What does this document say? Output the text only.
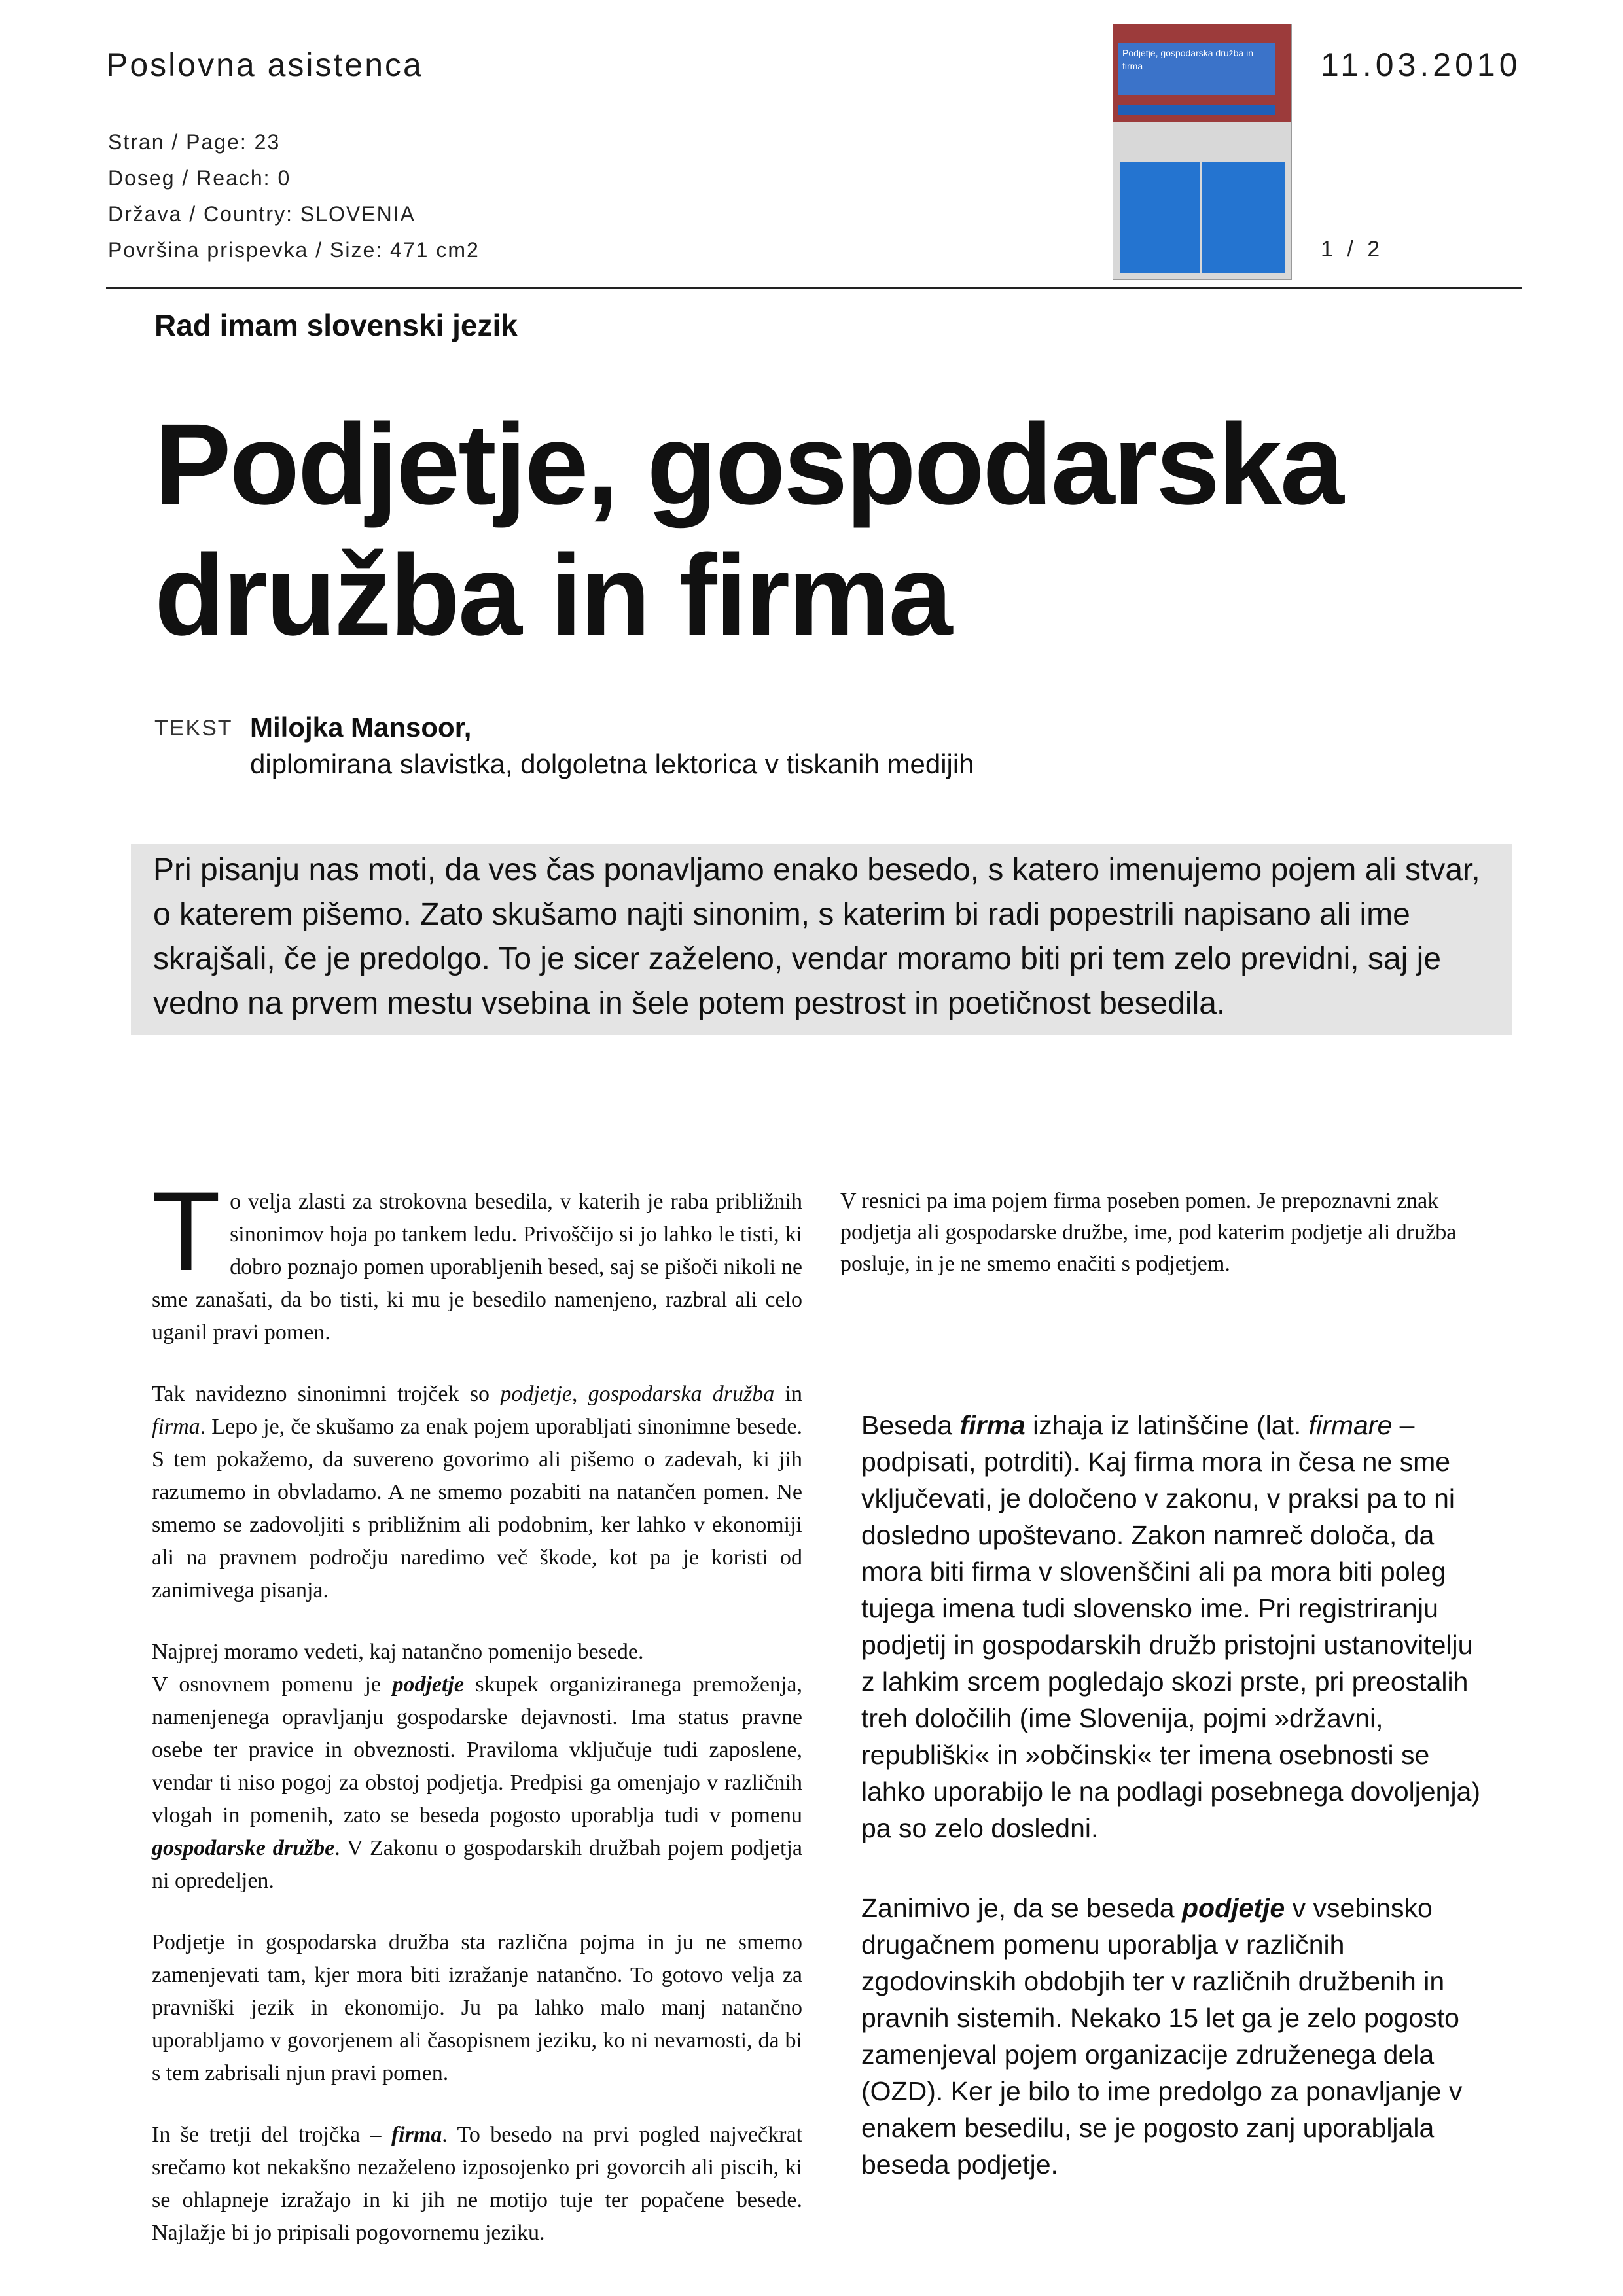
Poslovna asistenca	11.03.2010
Stran / Page: 23
Doseg / Reach: 0
Država / Country: SLOVENIA
Površina prispevka / Size: 471 cm2
Podjetje, gospodarska družba in firma
1 / 2
Rad imam slovenski jezik
Podjetje, gospodarska
družba in firma
TEKST Milojka Mansoor,
diplomirana slavistka, dolgoletna lektorica v tiskanih medijih
Pri pisanju nas moti, da ves čas ponavljamo enako besedo, s katero imenujemo pojem ali stvar, o katerem pišemo. Zato skušamo najti sinonim, s katerim bi radi popestrili napisano ali ime skrajšali, če je predolgo. To je sicer zaželeno, vendar moramo biti pri tem zelo previdni, saj je vedno na prvem mestu vsebina in šele potem pestrost in poetičnost besedila.

To velja zlasti za strokovna besedila, v katerih je raba približnih sinonimov hoja po tankem ledu. Privoščijo si jo lahko le tisti, ki dobro poznajo pomen uporabljenih besed, saj se pišoči nikoli ne sme zanašati, da bo tisti, ki mu je besedilo namenjeno, razbral ali celo uganil pravi pomen.

Tak navidezno sinonimni trojček so podjetje, gospodarska družba in firma. Lepo je, če skušamo za enak pojem uporabljati sinonimne besede. S tem pokažemo, da suvereno govorimo ali pišemo o zadevah, ki jih razumemo in obvladamo. A ne smemo pozabiti na natančen pomen. Ne smemo se zadovoljiti s približnim ali podobnim, ker lahko v ekonomiji ali na pravnem področju naredimo več škode, kot pa je koristi od zanimivega pisanja.

Najprej moramo vedeti, kaj natančno pomenijo besede.
V osnovnem pomenu je podjetje skupek organiziranega premoženja, namenjenega opravljanju gospodarske dejavnosti. Ima status pravne osebe ter pravice in obveznosti. Praviloma vključuje tudi zaposlene, vendar ti niso pogoj za obstoj podjetja. Predpisi ga omenjajo v različnih vlogah in pomenih, zato se beseda pogosto uporablja tudi v pomenu gospodarske družbe. V Zakonu o gospodarskih družbah pojem podjetja ni opredeljen.

Podjetje in gospodarska družba sta različna pojma in ju ne smemo zamenjevati tam, kjer mora biti izražanje natančno. To gotovo velja za pravniški jezik in ekonomijo. Ju pa lahko malo manj natančno uporabljamo v govorjenem ali časopisnem jeziku, ko ni nevarnosti, da bi s tem zabrisali njun pravi pomen.

In še tretji del trojčka – firma. To besedo na prvi pogled največkrat srečamo kot nekakšno nezaželeno izposojenko pri govorcih ali piscih, ki se ohlapneje izražajo in ki jih ne motijo tuje ter popačene besede. Najlažje bi jo pripisali pogovornemu jeziku.

V resnici pa ima pojem firma poseben pomen. Je prepoznavni znak podjetja ali gospodarske družbe, ime, pod katerim podjetje ali družba posluje, in je ne smemo enačiti s podjetjem.

Beseda firma izhaja iz latinščine (lat. firmare – podpisati, potrditi). Kaj firma mora in česa ne sme vključevati, je določeno v zakonu, v praksi pa to ni dosledno upoštevano. Zakon namreč določa, da mora biti firma v slovenščini ali pa mora biti poleg tujega imena tudi slovensko ime. Pri registriranju podjetij in gospodarskih družb pristojni ustanovitelju z lahkim srcem pogledajo skozi prste, pri preostalih treh določilih (ime Slovenija, pojmi »državni, republiški« in »občinski« ter imena osebnosti se lahko uporabijo le na podlagi posebnega dovoljenja) pa so zelo dosledni.

Zanimivo je, da se beseda podjetje v vsebinsko drugačnem pomenu uporablja v različnih zgodovinskih obdobjih ter v različnih družbenih in pravnih sistemih. Nekako 15 let ga je zelo pogosto zamenjeval pojem organizacije združenega dela (OZD). Ker je bilo to ime predolgo za ponavljanje v enakem besedilu, se je pogosto zanj uporabljala beseda podjetje.
